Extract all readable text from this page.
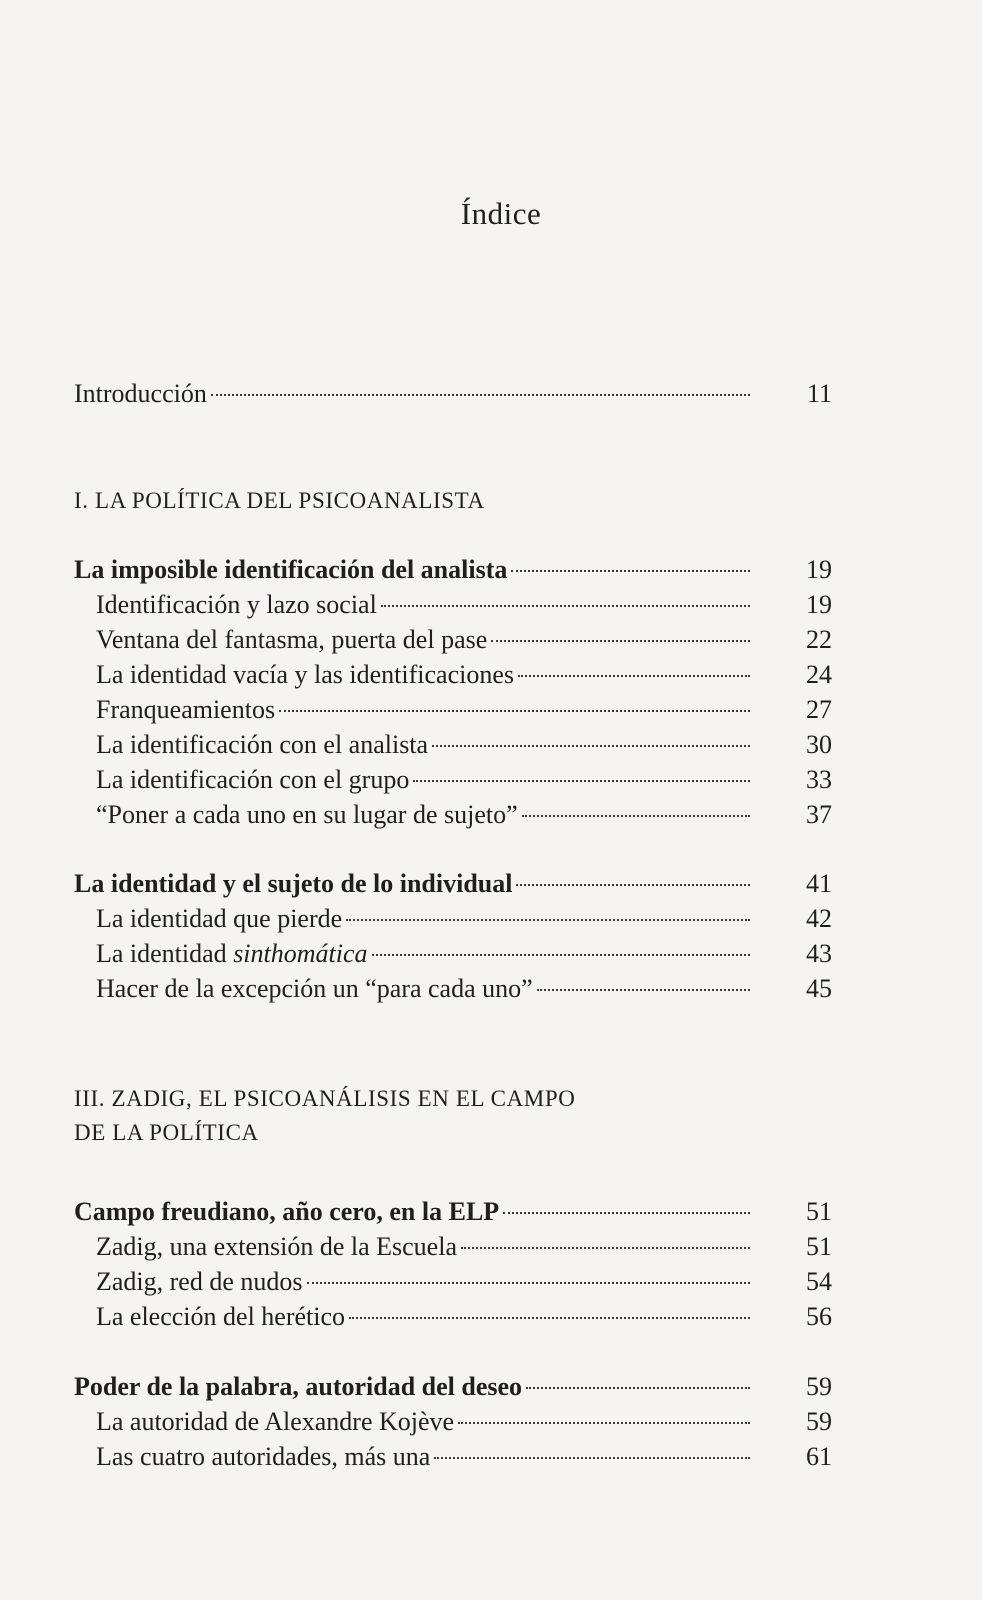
Índice
Introducción	11
I. LA POLÍTICA DEL PSICOANALISTA
La imposible identificación del analista	19
Identificación y lazo social	19
Ventana del fantasma, puerta del pase	22
La identidad vacía y las identificaciones	24
Franqueamientos	27
La identificación con el analista	30
La identificación con el grupo	33
“Poner a cada uno en su lugar de sujeto”	37
La identidad y el sujeto de lo individual	41
La identidad que pierde	42
La identidad sinthomática	43
Hacer de la excepción un “para cada uno”	45
III. ZADIG, EL PSICOANÁLISIS EN EL CAMPO
DE LA POLÍTICA
Campo freudiano, año cero, en la ELP	51
Zadig, una extensión de la Escuela	51
Zadig, red de nudos	54
La elección del herético	56
Poder de la palabra, autoridad del deseo	59
La autoridad de Alexandre Kojève	59
Las cuatro autoridades, más una	61
